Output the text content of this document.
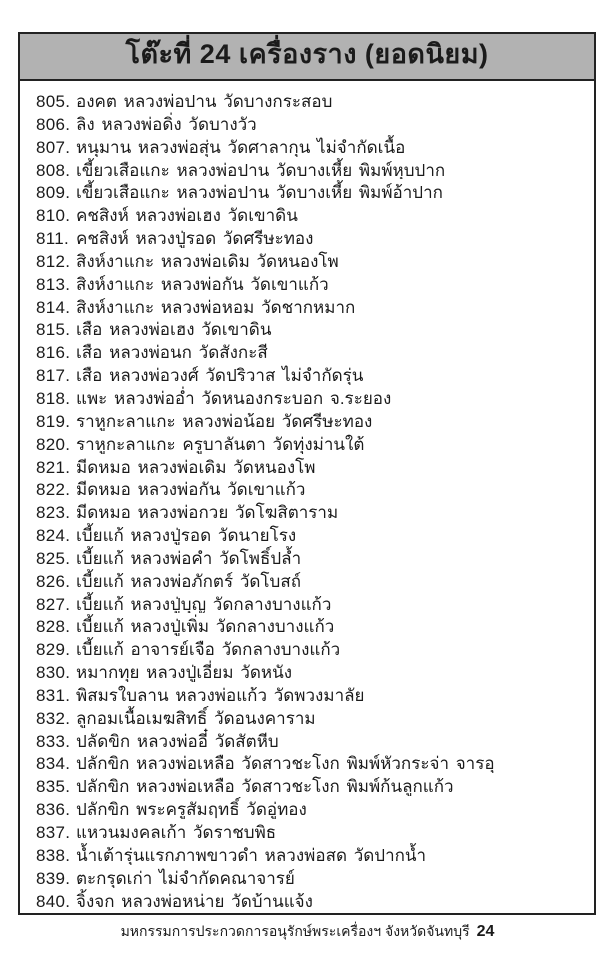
โต๊ะที่ 24 เครื่องราง (ยอดนิยม)
805. องคต หลวงพ่อปาน วัดบางกระสอบ
806. ลิง หลวงพ่อดิ่ง วัดบางวัว
807. หนุมาน หลวงพ่อสุ่น วัดศาลากุน ไม่จำกัดเนื้อ
808. เขี้ยวเสือแกะ หลวงพ่อปาน วัดบางเหี้ย พิมพ์หุบปาก
809. เขี้ยวเสือแกะ หลวงพ่อปาน วัดบางเหี้ย พิมพ์อ้าปาก
810. คชสิงห์ หลวงพ่อเฮง วัดเขาดิน
811. คชสิงห์ หลวงปู่รอด วัดศรีษะทอง
812. สิงห์งาแกะ หลวงพ่อเดิม วัดหนองโพ
813. สิงห์งาแกะ หลวงพ่อกัน วัดเขาแก้ว
814. สิงห์งาแกะ หลวงพ่อหอม วัดชากหมาก
815. เสือ หลวงพ่อเฮง วัดเขาดิน
816. เสือ หลวงพ่อนก วัดสังกะสี
817. เสือ หลวงพ่อวงศ์ วัดปริวาส ไม่จำกัดรุ่น
818. แพะ หลวงพ่ออ่ำ วัดหนองกระบอก จ.ระยอง
819. ราหูกะลาแกะ หลวงพ่อน้อย วัดศรีษะทอง
820. ราหูกะลาแกะ ครูบาลันตา วัดทุ่งม่านใต้
821. มีดหมอ หลวงพ่อเดิม วัดหนองโพ
822. มีดหมอ หลวงพ่อกัน วัดเขาแก้ว
823. มีดหมอ หลวงพ่อกวย วัดโฆสิตาราม
824. เบี้ยแก้ หลวงปู่รอด วัดนายโรง
825. เบี้ยแก้ หลวงพ่อคำ วัดโพธิ์ปล้ำ
826. เบี้ยแก้ หลวงพ่อภักตร์ วัดโบสถ์
827. เบี้ยแก้ หลวงปู่บุญ วัดกลางบางแก้ว
828. เบี้ยแก้ หลวงปู่เพิ่ม วัดกลางบางแก้ว
829. เบี้ยแก้ อาจารย์เจือ วัดกลางบางแก้ว
830. หมากทุย หลวงปู่เอี่ยม วัดหนัง
831. พิสมรใบลาน หลวงพ่อแก้ว วัดพวงมาลัย
832. ลูกอมเนื้อเมฆสิทธิ์ วัดอนงคาราม
833. ปลัดขิก หลวงพ่ออี๋ วัดสัตหีบ
834. ปลักขิก หลวงพ่อเหลือ วัดสาวชะโงก พิมพ์หัวกระจ่า จารอุ
835. ปลักขิก หลวงพ่อเหลือ วัดสาวชะโงก พิมพ์ก้นลูกแก้ว
836. ปลักขิก พระครูสัมฤทธิ์ วัดอู่ทอง
837. แหวนมงคลเก้า วัดราชบพิธ
838. น้ำเต้ารุ่นแรกภาพขาวดำ หลวงพ่อสด วัดปากน้ำ
839. ตะกรุดเก่า ไม่จำกัดคณาจารย์
840. จิ้งจก หลวงพ่อหน่าย วัดบ้านแจ้ง
มหกรรมการประกวดการอนุรักษ์พระเครื่องฯ จังหวัดจันทบุรี 24
